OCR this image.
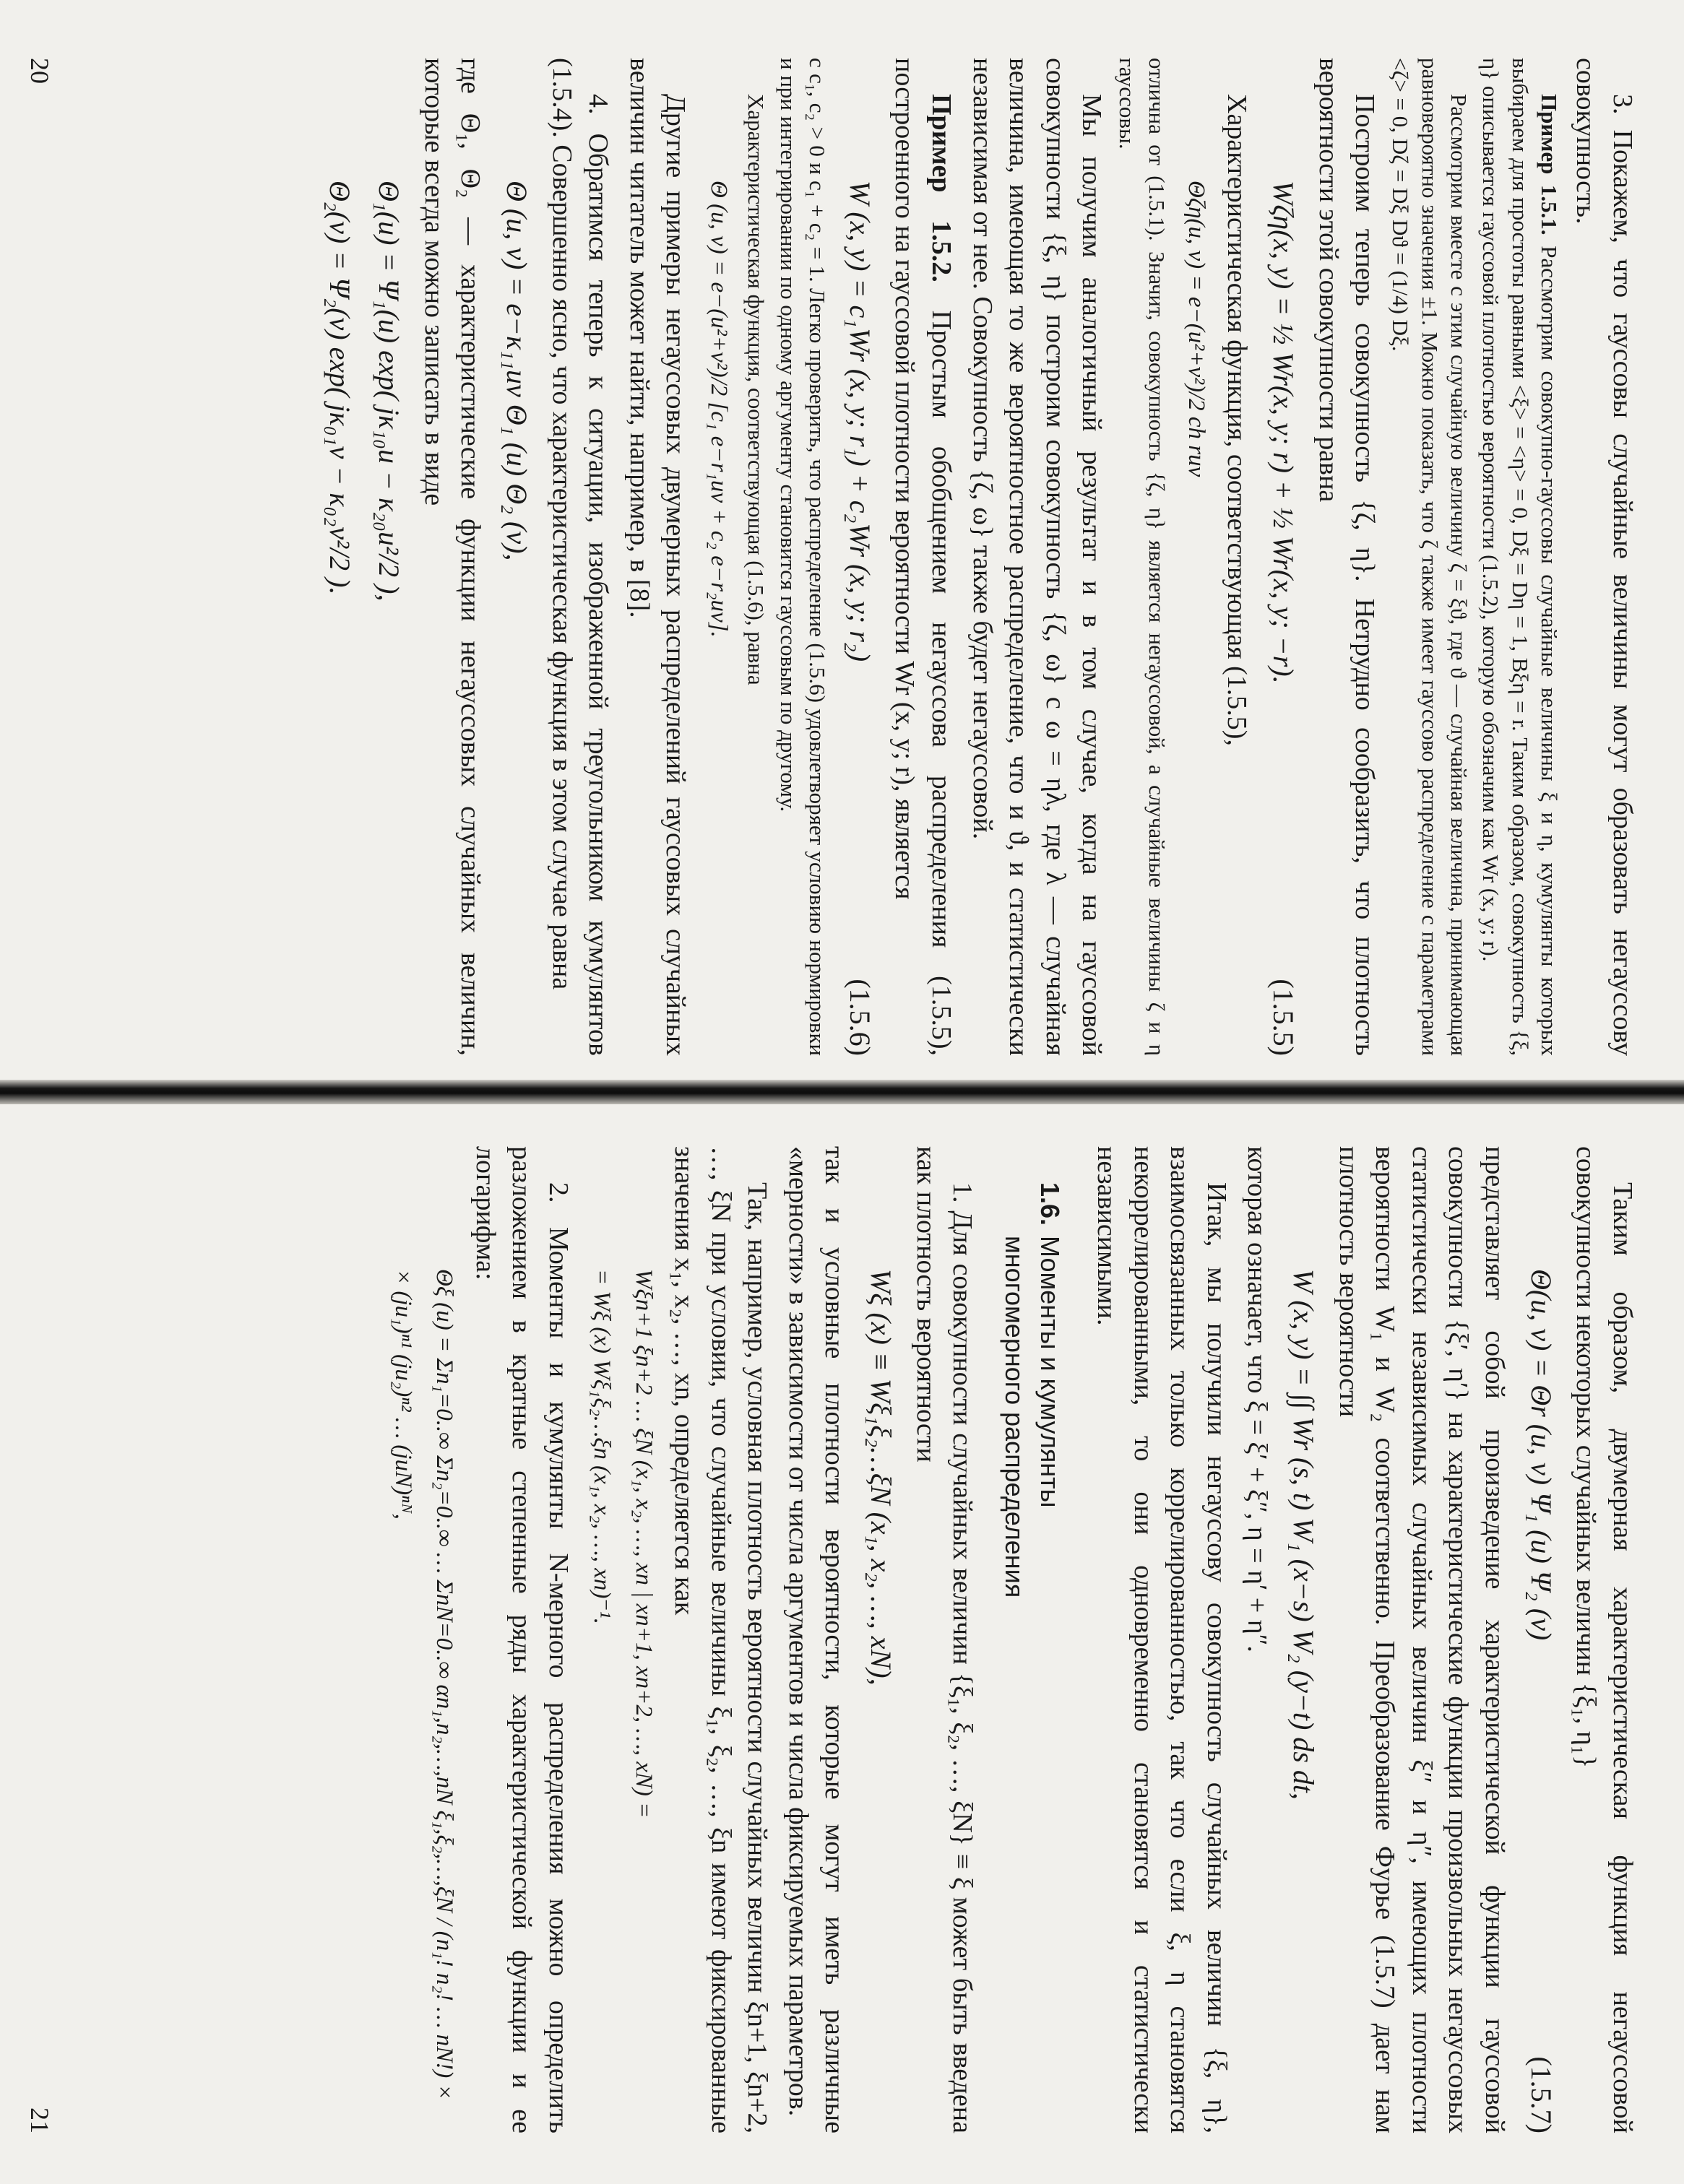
3. Покажем, что гауссовы случайные величины могут образовать негауссову совокупность.

Пример 1.5.1. Рассмотрим совокупно-гауссовы случайные величины ξ и η, кумулянты которых выбираем для простоты равными <ξ> = <η> = 0, Dξ = Dη = 1, Bξη = r. Таким образом, совокупность {ξ, η} описывается гауссовой плотностью вероятности (1.5.2), которую обозначим как Wr (x, y; r).

Рассмотрим вместе с этим случайную величину ζ = ξϑ, где ϑ — случайная величина, принимающая равновероятно значения ±1. Можно показать, что ζ также имеет гауссово распределение с параметрами <ζ> = 0, Dζ = Dξ Dϑ = (1/4) Dξ.

Построим теперь совокупность {ζ, η}. Нетрудно сообразить, что плотность вероятности этой совокупности равна

Wζη(x, y) = ½ Wr(x, y; r) + ½ Wr(x, y; −r).
(1.5.5)

Характеристическая функция, соответствующая (1.5.5),

Θζη(u, v) = e−(u²+v²)/2 ch ruv

отлична от (1.5.1). Значит, совокупность {ζ, η} является негауссовой, а случайные величины ζ и η гауссовы.

Мы получим аналогичный результат и в том случае, когда на гауссовой совокупности {ξ, η} построим совокупность {ζ, ω} с ω = ηλ, где λ — случайная величина, имеющая то же вероятностное распределение, что и ϑ, и статистически независимая от нее. Совокупность {ζ, ω} также будет негауссовой.

Пример 1.5.2. Простым обобщением негауссова распределения (1.5.5), построенного на гауссовой плотности вероятности Wr (x, y; r), является

W (x, y) = c₁Wr (x, y; r₁) + c₂Wr (x, y; r₂)
(1.5.6)

с c₁, c₂ > 0 и c₁ + c₂ = 1. Легко проверить, что распределение (1.5.6) удовлетворяет условию нормировки и при интегрировании по одному аргументу становится гауссовым по другому.

Характеристическая функция, соответствующая (1.5.6), равна

Θ (u, v) = e−(u²+v²)/2 [c₁ e−r₁uv + c₂ e−r₂uv].

Другие примеры негауссовых двумерных распределений гауссовых случайных величин читатель может найти, например, в [8].

4. Обратимся теперь к ситуации, изображенной треугольником кумулянтов (1.5.4). Совершенно ясно, что характеристическая функция в этом случае равна

Θ (u, v) = e−κ₁₁uv Θ₁ (u) Θ₂ (v),

где Θ₁, Θ₂ — характеристические функции негауссовых случайных величин, которые всегда можно записать в виде

Θ₁(u) = Ψ₁(u) exp( jκ₁₀u − κ₂₀u²/2 ),
Θ₂(v) = Ψ₂(v) exp( jκ₀₁v − κ₀₂v²/2 ).
20

Таким образом, двумерная характеристическая функция негауссовой совокупности некоторых случайных величин {ξ₁, η₁}

Θ(u, v) = Θr (u, v) Ψ₁ (u) Ψ₂ (v)
(1.5.7)

представляет собой произведение характеристической функции гауссовой совокупности {ξ′, η′} на характеристические функции произвольных негауссовых статистически независимых случайных величин ξ″ и η″, имеющих плотности вероятности W₁ и W₂ соответственно. Преобразование Фурье (1.5.7) дает нам плотность вероятности

W (x, y) = ∫∫ Wr (s, t) W₁ (x−s) W₂ (y−t) ds dt,

которая означает, что ξ = ξ′ + ξ″, η = η′ + η″.

Итак, мы получили негауссову совокупность случайных величин {ξ, η}, взаимосвязанных только коррелированностью, так что если ξ, η становятся некоррелированными, то они одновременно становятся и статистически независимыми.

1.6.Моменты и кумулянты
многомерного распределения

1. Для совокупности случайных величин {ξ₁, ξ₂, …, ξN} ≡ ξ может быть введена как плотность вероятности

Wξ (x) ≡ Wξ₁ξ₂…ξN (x₁, x₂, …, xN),

так и условные плотности вероятности, которые могут иметь различные «мерности» в зависимости от числа аргументов и числа фиксируемых параметров.

Так, например, условная плотность вероятности случайных величин ξn+1, ξn+2, …, ξN при условии, что случайные величины ξ₁, ξ₂, …, ξn имеют фиксированные значения x₁, x₂, …, xn, определяется как

Wξn+1 ξn+2 … ξN (x₁, x₂, …, xn | xn+1, xn+2, …, xN) =
= Wξ (x) Wξ₁ξ₂…ξn (x₁, x₂, …, xn)⁻¹.

2. Моменты и кумулянты N-мерного распределения можно определить разложением в кратные степенные ряды характеристической функции и ее логарифма:

Θξ (u) = Σn₁=0..∞ Σn₂=0..∞ … ΣnN=0..∞ αn₁,n₂,…,nN ξ₁,ξ₂,…,ξN / (n₁! n₂! … nN!) ×
× (ju₁)ⁿ¹ (ju₂)ⁿ² … (juN)ⁿᴺ,
21
